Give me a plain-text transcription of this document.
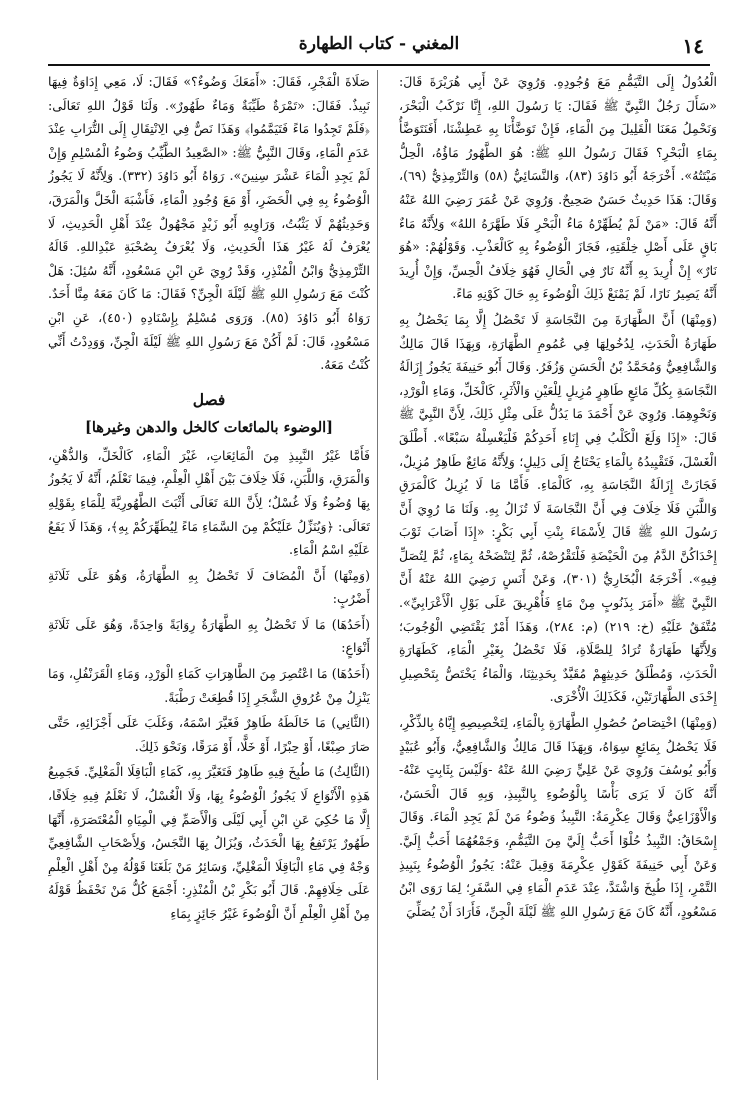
١٤
المغني - كتاب الطهارة

الْعُدُولُ إِلَى التَّيَمُّمِ مَعَ وُجُودِهِ. وَرُوِيَ عَنْ أَبِي هُرَيْرَةَ قَالَ: «سَأَلَ رَجُلٌ النَّبِيَّ ﷺ فَقَالَ: يَا رَسُولَ اللهِ، إِنَّا نَرْكَبُ الْبَحْرَ، وَنَحْمِلُ مَعَنَا الْقَلِيلَ مِنَ الْمَاءِ، فَإِنْ تَوَضَّأْنَا بِهِ عَطِشْنَا، أَفَنَتَوَضَّأُ بِمَاءِ الْبَحْرِ؟ فَقَالَ رَسُولُ اللهِ ﷺ: هُوَ الطَّهُورُ مَاؤُهُ، الْحِلُّ مَيْتَتُهُ». أَخْرَجَهُ أَبُو دَاوُدَ (٨٣)، وَالنَّسَائِيُّ (٥٨) وَالتِّرْمِذِيُّ (٦٩)، وَقَالَ: هَذَا حَدِيثٌ حَسَنٌ صَحِيحٌ. وَرُوِيَ عَنْ عُمَرَ رَضِيَ اللهُ عَنْهُ أَنَّهُ قَالَ: «مَنْ لَمْ يُطَهِّرْهُ مَاءُ الْبَحْرِ فَلَا طَهَّرَهُ اللهُ» وَلِأَنَّهُ مَاءٌ بَاقٍ عَلَى أَصْلِ خِلْقَتِهِ، فَجَازَ الْوُضُوءُ بِهِ كَالْعَذْبِ. وَقَوْلُهُمْ: «هُوَ نَارٌ» إِنْ أُرِيدَ بِهِ أَنَّهُ نَارٌ فِي الْحَالِ فَهُوَ خِلَافُ الْحِسِّ، وَإِنْ أُرِيدَ أَنَّهُ يَصِيرُ نَارًا، لَمْ يَمْنَعْ ذَلِكَ الْوُضُوءَ بِهِ حَالَ كَوْنِهِ مَاءً.

(وَمِنْهَا) أَنَّ الطَّهَارَةَ مِنَ النَّجَاسَةِ لَا تَحْصُلُ إِلَّا بِمَا يَحْصُلُ بِهِ طَهَارَةُ الْحَدَثِ، لِدُخُولِهَا فِي عُمُومِ الطَّهَارَةِ، وَبِهَذَا قَالَ مَالِكٌ وَالشَّافِعِيُّ وَمُحَمَّدُ بْنُ الْحَسَنِ وَزُفَرُ. وَقَالَ أَبُو حَنِيفَةَ يَجُوزُ إِزَالَةُ النَّجَاسَةِ بِكُلِّ مَائِعٍ طَاهِرٍ مُزِيلٍ لِلْعَيْنِ وَالْأَثَرِ، كَالْخَلِّ، وَمَاءِ الْوَرْدِ، وَنَحْوِهِمَا. وَرُوِيَ عَنْ أَحْمَدَ مَا يَدُلُّ عَلَى مِثْلِ ذَلِكَ، لِأَنَّ النَّبِيَّ ﷺ قَالَ: «إِذَا وَلَغَ الْكَلْبُ فِي إِنَاءِ أَحَدِكُمْ فَلْيَغْسِلْهُ سَبْعًا». أَطْلَقَ الْغَسْلَ، فَتَقْيِيدُهُ بِالْمَاءِ يَحْتَاجُ إِلَى دَلِيلٍ؛ وَلِأَنَّهُ مَائِعٌ طَاهِرٌ مُزِيلٌ، فَجَازَتْ إِزَالَةُ النَّجَاسَةِ بِهِ، كَالْمَاءِ. فَأَمَّا مَا لَا يُزِيلُ كَالْمَرَقِ وَاللَّبَنِ فَلَا خِلَافَ فِي أَنَّ النَّجَاسَةَ لَا تُزَالُ بِهِ. وَلَنَا مَا رُوِيَ أَنَّ رَسُولَ اللهِ ﷺ قَالَ لِأَسْمَاءَ بِنْتِ أَبِي بَكْرٍ: «إِذَا أَصَابَ ثَوْبَ إِحْدَاكُنَّ الدَّمُ مِنَ الْحَيْضَةِ فَلْتَقْرُصْهُ، ثُمَّ لِتَنْضَحْهُ بِمَاءٍ، ثُمَّ لِتُصَلِّ فِيهِ». أَخْرَجَهُ الْبُخَارِيُّ (٣٠١)، وَعَنْ أَنَسٍ رَضِيَ اللهُ عَنْهُ أَنَّ النَّبِيَّ ﷺ «أَمَرَ بِذَنُوبٍ مِنْ مَاءٍ فَأُهْرِيقَ عَلَى بَوْلِ الْأَعْرَابِيِّ». مُتَّفَقٌ عَلَيْهِ (خ: ٢١٩) (م: ٢٨٤)، وَهَذَا أَمْرٌ يَقْتَضِي الْوُجُوبَ؛ وَلِأَنَّهَا طَهَارَةٌ تُرَادُ لِلصَّلَاةِ، فَلَا تَحْصُلُ بِغَيْرِ الْمَاءِ، كَطَهَارَةِ الْحَدَثِ، وَمُطْلَقُ حَدِيثِهِمْ مُقَيَّدٌ بِحَدِيثِنَا، وَالْمَاءُ يَخْتَصُّ بِتَحْصِيلِ إِحْدَى الطَّهَارَتَيْنِ، فَكَذَلِكَ الْأُخْرَى.

(وَمِنْهَا) اخْتِصَاصُ حُصُولِ الطَّهَارَةِ بِالْمَاءِ، لِتَخْصِيصِهِ إِيَّاهُ بِالذِّكْرِ، فَلَا يَحْصُلُ بِمَائِعٍ سِوَاهُ، وَبِهَذَا قَالَ مَالِكٌ وَالشَّافِعِيُّ، وَأَبُو عُبَيْدٍ وَأَبُو يُوسُفَ وَرُوِيَ عَنْ عَلِيٍّ رَضِيَ اللهُ عَنْهُ -وَلَيْسَ بِثَابِتٍ عَنْهُ- أَنَّهُ كَانَ لَا يَرَى بَأْسًا بِالْوُضُوءِ بِالنَّبِيذِ، وَبِهِ قَالَ الْحَسَنُ، وَالْأَوْزَاعِيُّ وَقَالَ عِكْرِمَةُ: النَّبِيذُ وَضُوءُ مَنْ لَمْ يَجِدِ الْمَاءَ. وَقَالَ إِسْحَاقُ: النَّبِيذُ حُلْوًا أَحَبُّ إِلَيَّ مِنَ التَّيَمُّمِ، وَجَمْعُهُمَا أَحَبُّ إِلَيَّ. وَعَنْ أَبِي حَنِيفَةَ كَقَوْلِ عِكْرِمَةَ وَقِيلَ عَنْهُ: يَجُوزُ الْوُضُوءُ بِنَبِيذِ التَّمْرِ، إِذَا طُبِخَ وَاشْتَدَّ، عِنْدَ عَدَمِ الْمَاءِ فِي السَّفَرِ؛ لِمَا رَوَى ابْنُ مَسْعُودٍ، أَنَّهُ كَانَ مَعَ رَسُولِ اللهِ ﷺ لَيْلَةَ الْجِنِّ، فَأَرَادَ أَنْ يُصَلِّيَ

صَلَاةَ الْفَجْرِ، فَقَالَ: «أَمَعَكَ وَضُوءٌ؟» فَقَالَ: لَا، مَعِي إِدَاوَةٌ فِيهَا نَبِيذٌ. فَقَالَ: «تَمْرَةٌ طَيِّبَةٌ وَمَاءٌ طَهُورٌ». وَلَنَا قَوْلُ اللهِ تَعَالَى: ﴿فَلَمْ تَجِدُوا مَاءً فَتَيَمَّمُوا﴾ وَهَذَا نَصٌّ فِي الِانْتِقَالِ إِلَى التُّرَابِ عِنْدَ عَدَمِ الْمَاءِ، وَقَالَ النَّبِيُّ ﷺ: «الصَّعِيدُ الطَّيِّبُ وَضُوءُ الْمُسْلِمِ وَإِنْ لَمْ يَجِدِ الْمَاءَ عَشْرَ سِنِينَ». رَوَاهُ أَبُو دَاوُدَ (٣٣٢). وَلِأَنَّهُ لَا يَجُوزُ الْوُضُوءُ بِهِ فِي الْحَضَرِ، أَوْ مَعَ وُجُودِ الْمَاءِ، فَأَشْبَهَ الْخَلَّ وَالْمَرَقَ، وَحَدِيثُهُمْ لَا يَثْبُتُ، وَرَاوِيهِ أَبُو زَيْدٍ مَجْهُولٌ عِنْدَ أَهْلِ الْحَدِيثِ، لَا يُعْرَفُ لَهُ غَيْرُ هَذَا الْحَدِيثِ، وَلَا يُعْرَفُ بِصُحْبَةِ عَبْدِاللهِ. قَالَهُ التِّرْمِذِيُّ وَابْنُ الْمُنْذِرِ، وَقَدْ رُوِيَ عَنِ ابْنِ مَسْعُودٍ، أَنَّهُ سُئِلَ: هَلْ كُنْتَ مَعَ رَسُولِ اللهِ ﷺ لَيْلَةَ الْجِنِّ؟ فَقَالَ: مَا كَانَ مَعَهُ مِنَّا أَحَدٌ. رَوَاهُ أَبُو دَاوُدَ (٨٥). وَرَوَى مُسْلِمٌ بِإِسْنَادِهِ (٤٥٠)، عَنِ ابْنِ مَسْعُودٍ، قَالَ: لَمْ أَكُنْ مَعَ رَسُولِ اللهِ ﷺ لَيْلَةَ الْجِنِّ، وَوَدِدْتُ أَنِّي كُنْتُ مَعَهُ.

فصل
[الوضوء بالمائعات كالخل والدهن وغيرها]

فَأَمَّا غَيْرُ النَّبِيذِ مِنَ الْمَائِعَاتِ، غَيْرَ الْمَاءِ، كَالْخَلِّ، وَالدُّهْنِ، وَالْمَرَقِ، وَاللَّبَنِ، فَلَا خِلَافَ بَيْنَ أَهْلِ الْعِلْمِ، فِيمَا نَعْلَمُ، أَنَّهُ لَا يَجُوزُ بِهَا وُضُوءٌ وَلَا غُسْلٌ؛ لِأَنَّ اللهَ تَعَالَى أَثْبَتَ الطَّهُورِيَّةَ لِلْمَاءِ بِقَوْلِهِ تَعَالَى: ﴿وَيُنَزِّلُ عَلَيْكُمْ مِنَ السَّمَاءِ مَاءً لِيُطَهِّرَكُمْ بِهِ﴾، وَهَذَا لَا يَقَعُ عَلَيْهِ اسْمُ الْمَاءِ.

(وَمِنْهَا) أَنَّ الْمُضَافَ لَا تَحْصُلُ بِهِ الطَّهَارَةُ، وَهُوَ عَلَى ثَلَاثَةِ أَضْرُبٍ:

(أَحَدُهَا) مَا لَا تَحْصُلُ بِهِ الطَّهَارَةُ رِوَايَةً وَاحِدَةً، وَهُوَ عَلَى ثَلَاثَةِ أَنْوَاعٍ:

(أَحَدُهَا) مَا اعْتُصِرَ مِنَ الطَّاهِرَاتِ كَمَاءِ الْوَرْدِ، وَمَاءِ الْقَرَنْفُلِ، وَمَا يَنْزِلُ مِنْ عُرُوقِ الشَّجَرِ إِذَا قُطِعَتْ رَطْبَةً.

(الثَّانِي) مَا خَالَطَهُ طَاهِرٌ فَغَيَّرَ اسْمَهُ، وَغَلَبَ عَلَى أَجْزَائِهِ، حَتَّى صَارَ صِبْغًا، أَوْ حِبْرًا، أَوْ خَلًّا، أَوْ مَرَقًا، وَنَحْوَ ذَلِكَ.

(الثَّالِثُ) مَا طُبِخَ فِيهِ طَاهِرٌ فَتَغَيَّرَ بِهِ، كَمَاءِ الْبَاقِلَا الْمَغْلِيِّ. فَجَمِيعُ هَذِهِ الْأَنْوَاعِ لَا يَجُوزُ الْوُضُوءُ بِهَا، وَلَا الْغُسْلُ، لَا نَعْلَمُ فِيهِ خِلَافًا، إِلَّا مَا حُكِيَ عَنِ ابْنِ أَبِي لَيْلَى وَالْأَصَمِّ فِي الْمِيَاهِ الْمُعْتَصَرَةِ، أَنَّهَا طَهُورٌ يَرْتَفِعُ بِهَا الْحَدَثُ، وَيُزَالُ بِهَا النَّجَسُ، وَلِأَصْحَابِ الشَّافِعِيِّ وَجْهٌ فِي مَاءِ الْبَاقِلَا الْمَغْلِيِّ، وَسَائِرُ مَنْ بَلَغَنَا قَوْلُهُ مِنْ أَهْلِ الْعِلْمِ عَلَى خِلَافِهِمْ. قَالَ أَبُو بَكْرِ بْنُ الْمُنْذِرِ: أَجْمَعَ كُلُّ مَنْ نَحْفَظُ قَوْلَهُ مِنْ أَهْلِ الْعِلْمِ أَنَّ الْوُضُوءَ غَيْرُ جَائِزٍ بِمَاءِ
